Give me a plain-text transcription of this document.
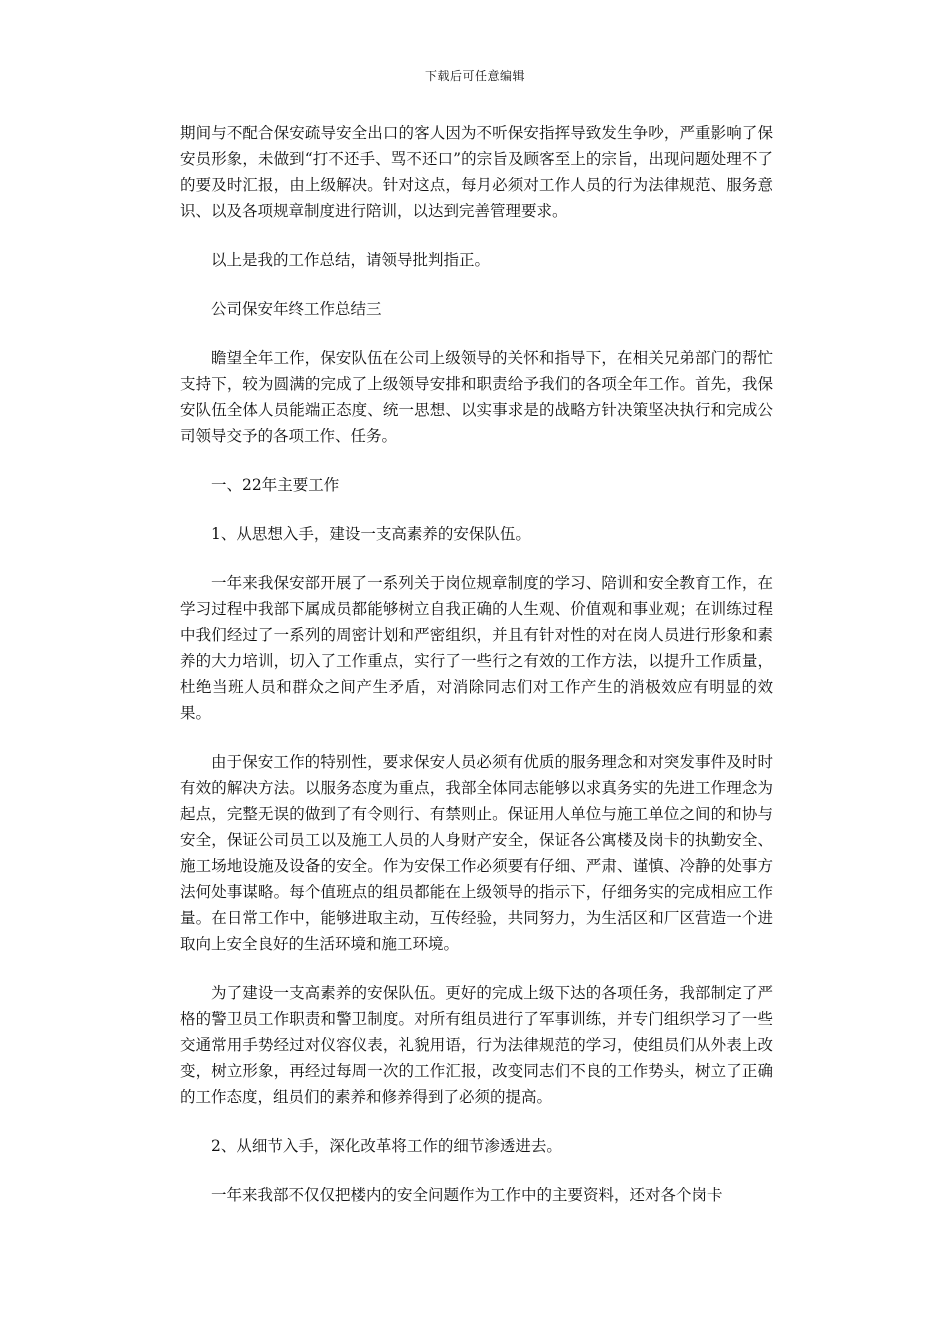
下载后可任意编辑

期间与不配合保安疏导安全出口的客人因为不听保安指挥导致发生争吵，严重影响了保安员形象，未做到“打不还手、骂不还口”的宗旨及顾客至上的宗旨，出现问题处理不了的要及时汇报，由上级解决。针对这点，每月必须对工作人员的行为法律规范、服务意识、以及各项规章制度进行陪训，以达到完善管理要求。

以上是我的工作总结，请领导批判指正。

公司保安年终工作总结三

瞻望全年工作，保安队伍在公司上级领导的关怀和指导下，在相关兄弟部门的帮忙支持下，较为圆满的完成了上级领导安排和职责给予我们的各项全年工作。首先，我保安队伍全体人员能端正态度、统一思想、以实事求是的战略方针决策坚决执行和完成公司领导交予的各项工作、任务。

一、22年主要工作

1、从思想入手，建设一支高素养的安保队伍。

一年来我保安部开展了一系列关于岗位规章制度的学习、陪训和安全教育工作，在学习过程中我部下属成员都能够树立自我正确的人生观、价值观和事业观；在训练过程中我们经过了一系列的周密计划和严密组织，并且有针对性的对在岗人员进行形象和素养的大力培训，切入了工作重点，实行了一些行之有效的工作方法，以提升工作质量，杜绝当班人员和群众之间产生矛盾，对消除同志们对工作产生的消极效应有明显的效果。

由于保安工作的特别性，要求保安人员必须有优质的服务理念和对突发事件及时时有效的解决方法。以服务态度为重点，我部全体同志能够以求真务实的先进工作理念为起点，完整无误的做到了有令则行、有禁则止。保证用人单位与施工单位之间的和协与安全，保证公司员工以及施工人员的人身财产安全，保证各公寓楼及岗卡的执勤安全、施工场地设施及设备的安全。作为安保工作必须要有仔细、严肃、谨慎、冷静的处事方法何处事谋略。每个值班点的组员都能在上级领导的指示下，仔细务实的完成相应工作量。在日常工作中，能够进取主动，互传经验，共同努力，为生活区和厂区营造一个进取向上安全良好的生活环境和施工环境。

为了建设一支高素养的安保队伍。更好的完成上级下达的各项任务，我部制定了严格的警卫员工作职责和警卫制度。对所有组员进行了军事训练，并专门组织学习了一些交通常用手势经过对仪容仪表，礼貌用语，行为法律规范的学习，使组员们从外表上改变，树立形象，再经过每周一次的工作汇报，改变同志们不良的工作势头，树立了正确的工作态度，组员们的素养和修养得到了必须的提高。

2、从细节入手，深化改革将工作的细节渗透进去。

一年来我部不仅仅把楼内的安全问题作为工作中的主要资料，还对各个岗卡
